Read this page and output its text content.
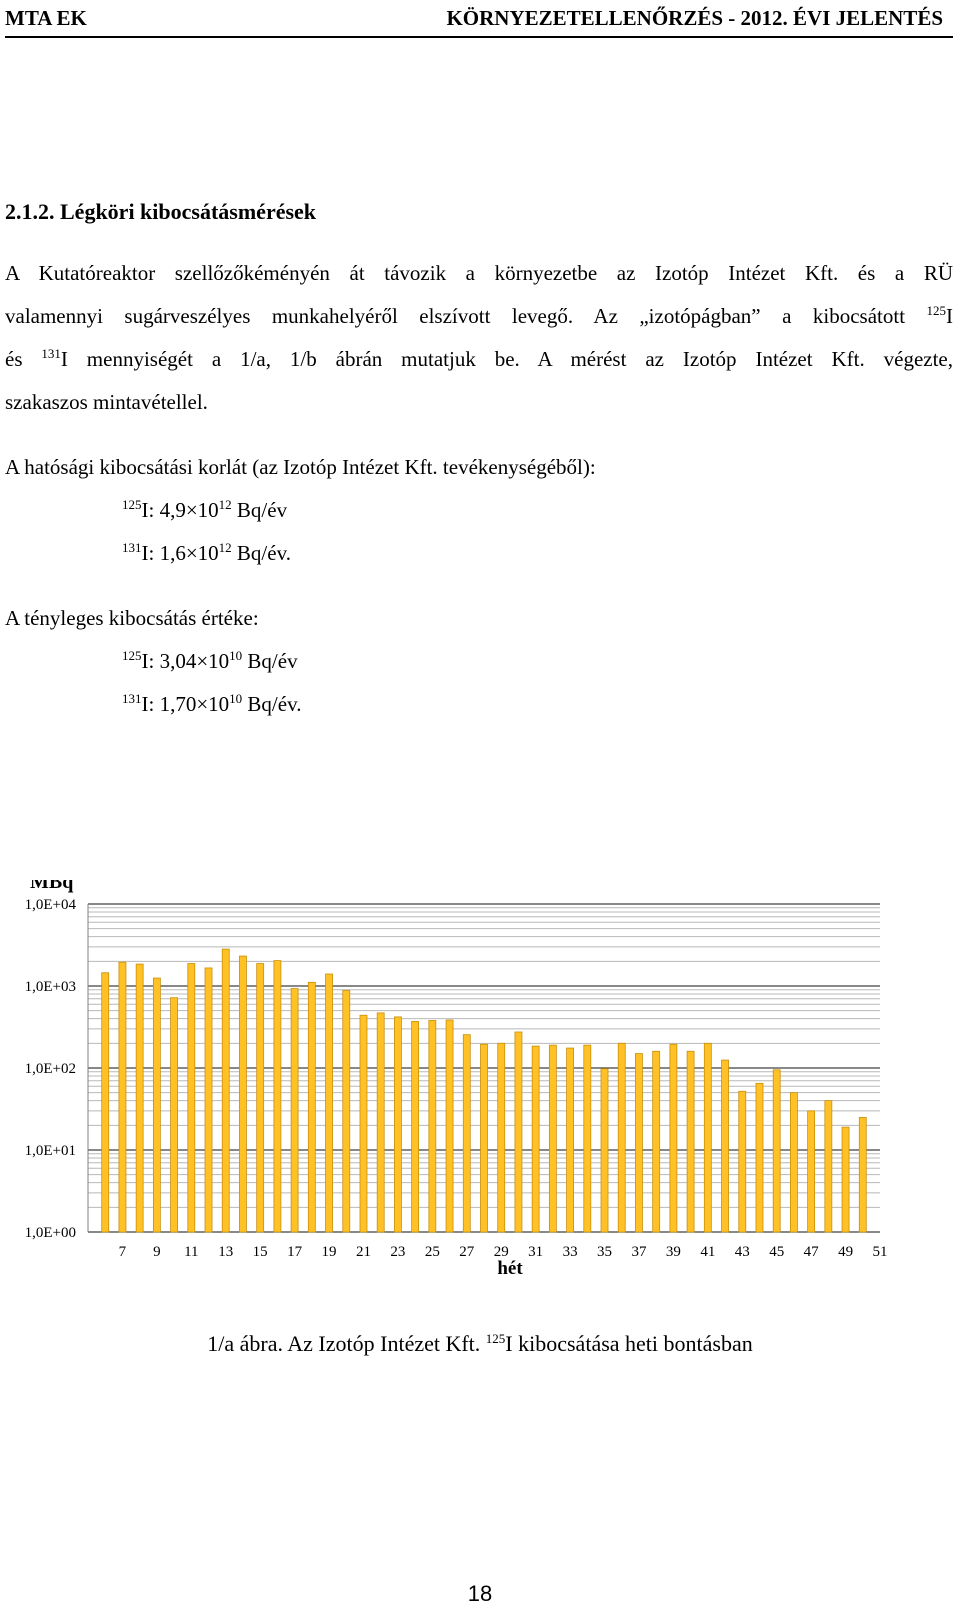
MTA EK	KÖRNYEZETELLENŐRZÉS - 2012. ÉVI JELENTÉS
2.1.2. Légköri kibocsátásmérések
A Kutatóreaktor szellőzőkéményén át távozik a környezetbe az Izotóp Intézet Kft. és a RÜ
valamennyi sugárveszélyes munkahelyéről elszívott levegő. Az „izotópágban” a kibocsátott $^{125}$I
és $^{131}$I mennyiségét a 1/a, 1/b ábrán mutatjuk be. A mérést az Izotóp Intézet Kft. végezte,
szakaszos mintavétellel.
A hatósági kibocsátási korlát (az Izotóp Intézet Kft. tevékenységéből):
$^{125}$I: $4,9\times 10^{12}$ Bq/év
$^{131}$I: $1,6\times 10^{12}$ Bq/év.
A tényleges kibocsátás értéke:
$^{125}$I: $3,04\times 10^{10}$ Bq/év
$^{131}$I: $1,70\times 10^{10}$ Bq/év.
1,0E+04
1,0E+03
1,0E+02
1,0E+01
1,0E+00
7 9 11 13 15 17 19 21 23 25 27 29 31 33 35 37 39 41 43 45 47 49 51
MBq
hét
1/a ábra. Az Izotóp Intézet Kft. $^{125}$I kibocsátása heti bontásban
18
